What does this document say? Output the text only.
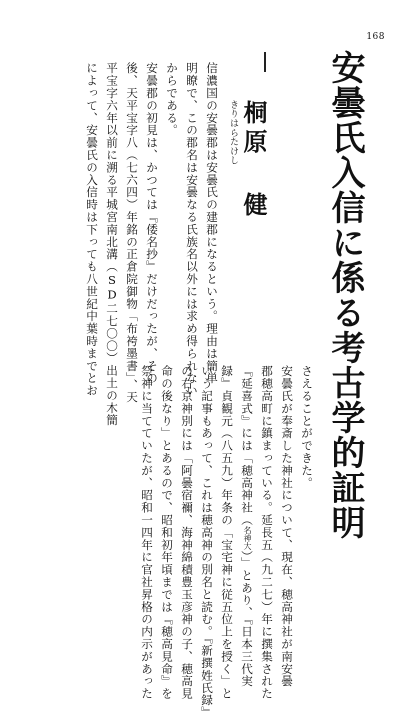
168
安曇氏入信に係る考古学的証明
きりはらたけし 桐原 健
信濃国の安曇郡は安曇氏の建郡になるという。理由は簡単
明瞭で、この郡名は安曇なる氏族名以外には求め得られない
からである。
安曇郡の初見は、かつては『倭名抄』だけだったが、その
後、天平宝字八（七六四）年銘の正倉院御物「布袴墨書」、天
平宝字六年以前に溯る平城宮南北溝（SD二七〇〇）出土の木簡
によって、安曇氏の入信時は下っても八世紀中葉時までとお
さえることができた。
安曇氏が奉斎した神社について、現在、穂高神社が南安曇
郡穂高町に鎮まっている。延長五（九二七）年に撰集された
『延喜式』には「穂高神社（名神大）」とあり、『日本三代実
録』貞観元（八五九）年条の「宝宅神に従五位上を授く」と
いう記事もあって、これは穂高神の別名と読む。『新撰姓氏録』
の右京神別には「阿曇宿禰、海神綿積豊玉彦神の子、穂高見
命の後なり」とあるので、昭和初年頃までは『穂高見命』を
祭神に当てていたが、昭和一四年に官社昇格の内示があった
